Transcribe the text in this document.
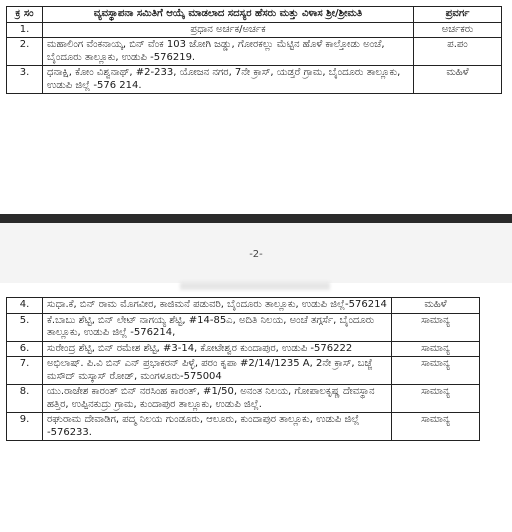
ಕ್ರ ಸಂ	ವ್ಯವಸ್ಥಾಪನಾ ಸಮಿತಿಗೆ ಆಯ್ಕೆ ಮಾಡಲಾದ ಸದಸ್ಯರ ಹೆಸರು ಮತ್ತು ವಿಳಾಸ ಶ್ರೀ/ಶ್ರೀಮತಿ	ಪ್ರವರ್ಗ
1.	ಪ್ರಧಾನ ಅರ್ಚಕ/ಅರ್ಚಕ	ಅರ್ಚಕರು
2.	ಮಹಾಲಿಂಗ ವೆಂಕನಾಯ್ಕ, ಬಿನ್ ವೆಂಕ 103 ಜೋಗಿ ಜಡ್ಡು, ಗೋರಕಲ್ಲು ಮೆಟ್ಟಿನ ಹೊಳೆ ಕಾಲ್ತೋಡು ಅಂಚೆ, ಬೈಂದೂರು ತಾಲ್ಲೂಕು, ಉಡುಪಿ -576219.	ಪ.ಪಂ
3.	ಧನಾಕ್ಷಿ, ಕೋಂ ವಿಶ್ವನಾಥ್, #2-233, ಯೋಜನ ನಗರ, 7ನೇ ಕ್ರಾಸ್, ಯಡ್ತರೆ ಗ್ರಾಮ, ಬೈಂದೂರು ತಾಲ್ಲೂಕು, ಉಡುಪಿ ಜಿಲ್ಲೆ -576 214.	ಮಹಿಳೆ
-2-
4.	ಸುಧಾ.ಕೆ, ಬಿನ್ ರಾಮ ಮೊಗವೀರ, ಕಾಜಿಮನೆ ಪಡುವರಿ, ಬೈಂದೂರು ತಾಲ್ಲೂಕು, ಉಡುಪಿ ಜಿಲ್ಲೆ-576214	ಮಹಿಳೆ
5.	ಕೆ.ಬಾಬು ಶೆಟ್ಟಿ, ಬಿನ್ ಲೇಟ್ ನಾಗಯ್ಯ ಶೆಟ್ಟಿ, #14-85ಎ, ಅದಿತಿ ನಿಲಯ, ಅಂಚೆ ತಗ್ಗರ್ಸೆ, ಬೈಂದೂರು ತಾಲ್ಲೂಕು, ಉಡುಪಿ ಜಿಲ್ಲೆ -576214,	ಸಾಮಾನ್ಯ
6.	ಸುರೇಂದ್ರ ಶೆಟ್ಟಿ, ಬಿನ್ ರಮೇಶ ಶೆಟ್ಟಿ, #3-14, ಕೋಟೇಶ್ವರ ಕುಂದಾಪುರ, ಉಡುಪಿ -576222	ಸಾಮಾನ್ಯ
7.	ಅಭಿಲಾಷ್. ಪಿ.ವಿ ಬಿನ್ ಎನ್ ಪ್ರಭಾಕರನ್ ಪಿಳ್ಳೆ, ಪರಂ ಕೃಪಾ #2/14/1235 A, 2ನೇ ಕ್ರಾಸ್, ಬಜ್ಜೆ ಮಸೌದ್ ಮಸ್ಕಾಸ್ ರೋಡ್, ಮಂಗಳೂರು-575004	ಸಾಮಾನ್ಯ
8.	ಯು.ರಾಜೇಶ ಕಾರಂತ್ ಬಿನ್ ನರಸಿಂಹ ಕಾರಂತ್, #1/50, ಅನಂತ ನಿಲಯ, ಗೋಪಾಲಕೃಷ್ಣ ದೇವಸ್ಥಾನ ಹತ್ತಿರ, ಉಪ್ಪಿನಕುದ್ರು ಗ್ರಾಮ, ಕುಂದಾಪುರ ತಾಲ್ಲೂಕು, ಉಡುಪಿ ಜಿಲ್ಲೆ.	ಸಾಮಾನ್ಯ
9.	ರಘುರಾಮ ದೇವಾಡಿಗ, ಪದ್ಮ ನಿಲಯ ಗುಂಡೂರು, ಆಲೂರು, ಕುಂದಾಪುರ ತಾಲ್ಲೂಕು, ಉಡುಪಿ ಜಿಲ್ಲೆ -576233.	ಸಾಮಾನ್ಯ
